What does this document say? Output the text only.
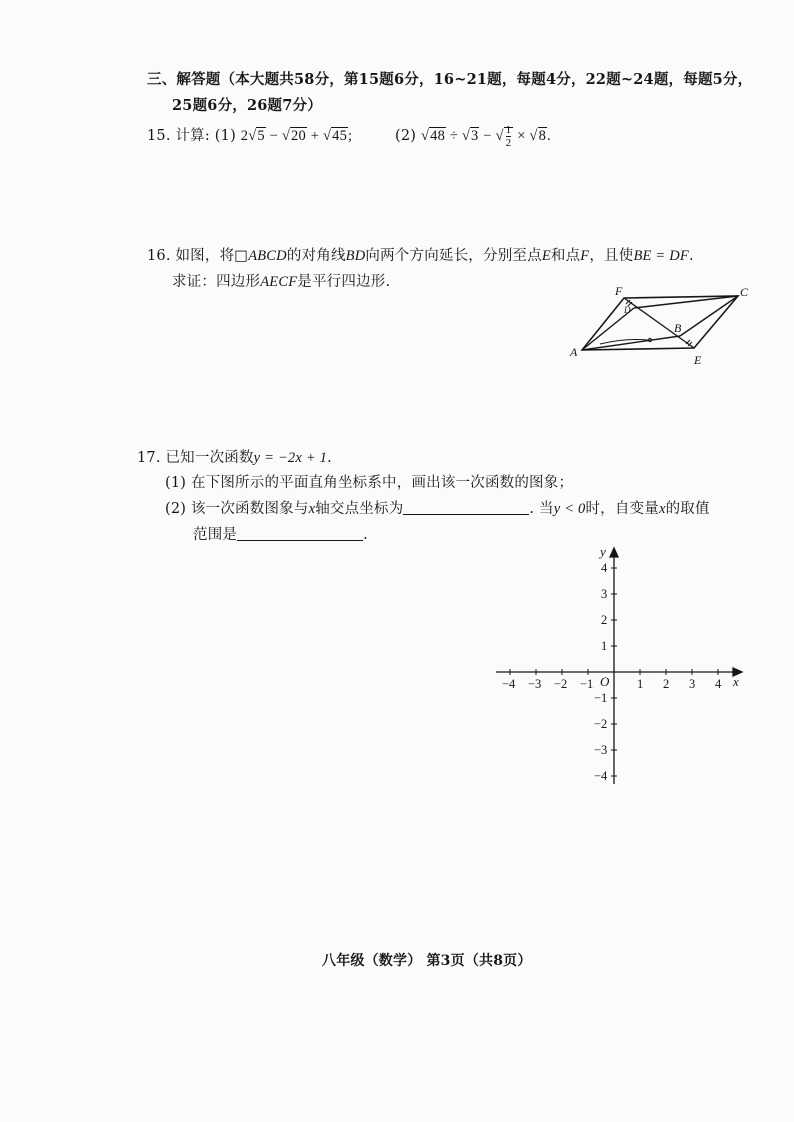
三、解答题（本大题共58分，第15题6分，16~21题，每题4分，22题~24题，每题5分，
25题6分，26题7分）
15. 计算: (1) 2√5 − √20 + √45;	(2) √48 ÷ √3 − √ $\frac{1}{2} \times √8$.
16. 如图，将□ABCD的对角线BD向两个方向延长，分别至点E和点F，且使BE = DF.
求证：四边形AECF是平行四边形.
A
E
C
F
B
D
17. 已知一次函数y = −2x + 1.
(1) 在下图所示的平面直角坐标系中，画出该一次函数的图象；
(2) 该一次函数图象与x轴交点坐标为	. 当y < 0时，自变量x的取值
范围是	.
−4 −3 −2 −1	1 2 3 4
4
3
2
1
−1
−2
−3
−4
y
x
O
八年级（数学） 第3页（共8页）
